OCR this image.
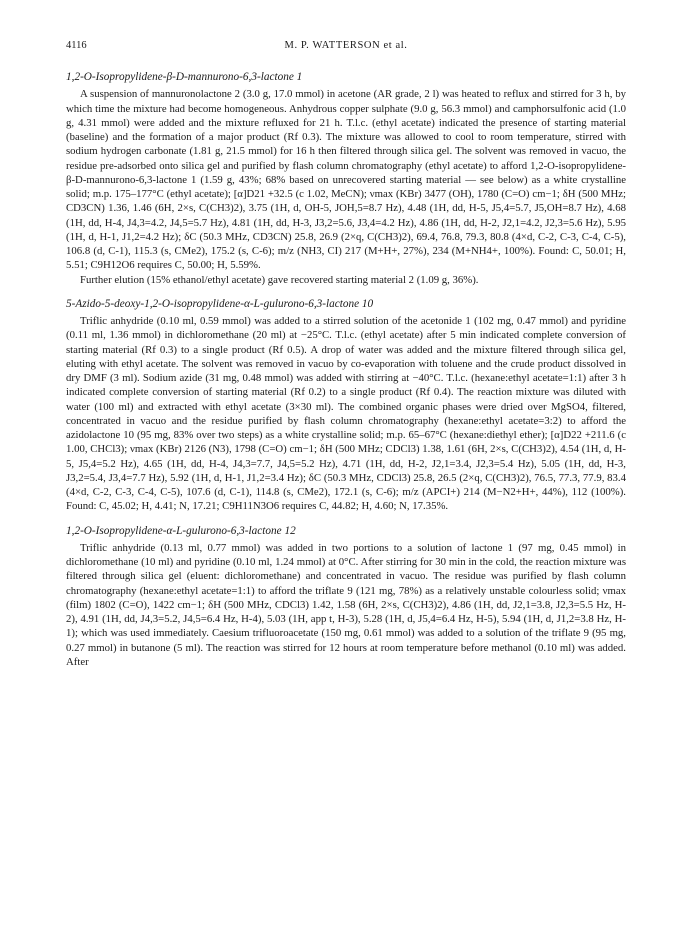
4116	M. P. WATTERSON et al.
1,2-O-Isopropylidene-β-D-mannurono-6,3-lactone 1

A suspension of mannuronolactone 2 (3.0 g, 17.0 mmol) in acetone (AR grade, 2 l) was heated to reflux and stirred for 3 h, by which time the mixture had become homogeneous. Anhydrous copper sulphate (9.0 g, 56.3 mmol) and camphorsulfonic acid (1.0 g, 4.31 mmol) were added and the mixture refluxed for 21 h. T.l.c. (ethyl acetate) indicated the presence of starting material (baseline) and the formation of a major product (Rf 0.3). The mixture was allowed to cool to room temperature, stirred with sodium hydrogen carbonate (1.81 g, 21.5 mmol) for 16 h then filtered through silica gel. The solvent was removed in vacuo, the residue pre-adsorbed onto silica gel and purified by flash column chromatography (ethyl acetate) to afford 1,2-O-isopropylidene-β-D-mannurono-6,3-lactone 1 (1.59 g, 43%; 68% based on unrecovered starting material — see below) as a white crystalline solid; m.p. 175–177°C (ethyl acetate); [α]D21 +32.5 (c 1.02, MeCN); νmax (KBr) 3477 (OH), 1780 (C=O) cm−1; δH (500 MHz; CD3CN) 1.36, 1.46 (6H, 2×s, C(CH3)2), 3.75 (1H, d, OH-5, JOH,5=8.7 Hz), 4.48 (1H, dd, H-5, J5,4=5.7, J5,OH=8.7 Hz), 4.68 (1H, dd, H-4, J4,3=4.2, J4,5=5.7 Hz), 4.81 (1H, dd, H-3, J3,2=5.6, J3,4=4.2 Hz), 4.86 (1H, dd, H-2, J2,1=4.2, J2,3=5.6 Hz), 5.95 (1H, d, H-1, J1,2=4.2 Hz); δC (50.3 MHz, CD3CN) 25.8, 26.9 (2×q, C(CH3)2), 69.4, 76.8, 79.3, 80.8 (4×d, C-2, C-3, C-4, C-5), 106.8 (d, C-1), 115.3 (s, CMe2), 175.2 (s, C-6); m/z (NH3, CI) 217 (M+H+, 27%), 234 (M+NH4+, 100%). Found: C, 50.01; H, 5.51; C9H12O6 requires C, 50.00; H, 5.59%.

Further elution (15% ethanol/ethyl acetate) gave recovered starting material 2 (1.09 g, 36%).

5-Azido-5-deoxy-1,2-O-isopropylidene-α-L-gulurono-6,3-lactone 10

Triflic anhydride (0.10 ml, 0.59 mmol) was added to a stirred solution of the acetonide 1 (102 mg, 0.47 mmol) and pyridine (0.11 ml, 1.36 mmol) in dichloromethane (20 ml) at −25°C. T.l.c. (ethyl acetate) after 5 min indicated complete conversion of starting material (Rf 0.3) to a single product (Rf 0.5). A drop of water was added and the mixture filtered through silica gel, eluting with ethyl acetate. The solvent was removed in vacuo by co-evaporation with toluene and the crude product dissolved in dry DMF (3 ml). Sodium azide (31 mg, 0.48 mmol) was added with stirring at −40°C. T.l.c. (hexane:ethyl acetate=1:1) after 3 h indicated complete conversion of starting material (Rf 0.2) to a single product (Rf 0.4). The reaction mixture was diluted with water (100 ml) and extracted with ethyl acetate (3×30 ml). The combined organic phases were dried over MgSO4, filtered, concentrated in vacuo and the residue purified by flash column chromatography (hexane:ethyl acetate=3:2) to afford the azidolactone 10 (95 mg, 83% over two steps) as a white crystalline solid; m.p. 65–67°C (hexane:diethyl ether); [α]D22 +211.6 (c 1.00, CHCl3); νmax (KBr) 2126 (N3), 1798 (C=O) cm−1; δH (500 MHz; CDCl3) 1.38, 1.61 (6H, 2×s, C(CH3)2), 4.54 (1H, d, H-5, J5,4=5.2 Hz), 4.65 (1H, dd, H-4, J4,3=7.7, J4,5=5.2 Hz), 4.71 (1H, dd, H-2, J2,1=3.4, J2,3=5.4 Hz), 5.05 (1H, dd, H-3, J3,2=5.4, J3,4=7.7 Hz), 5.92 (1H, d, H-1, J1,2=3.4 Hz); δC (50.3 MHz, CDCl3) 25.8, 26.5 (2×q, C(CH3)2), 76.5, 77.3, 77.9, 83.4 (4×d, C-2, C-3, C-4, C-5), 107.6 (d, C-1), 114.8 (s, CMe2), 172.1 (s, C-6); m/z (APCI+) 214 (M−N2+H+, 44%), 112 (100%). Found: C, 45.02; H, 4.41; N, 17.21; C9H11N3O6 requires C, 44.82; H, 4.60; N, 17.35%.

1,2-O-Isopropylidene-α-L-gulurono-6,3-lactone 12

Triflic anhydride (0.13 ml, 0.77 mmol) was added in two portions to a solution of lactone 1 (97 mg, 0.45 mmol) in dichloromethane (10 ml) and pyridine (0.10 ml, 1.24 mmol) at 0°C. After stirring for 30 min in the cold, the reaction mixture was filtered through silica gel (eluent: dichloromethane) and concentrated in vacuo. The residue was purified by flash column chromatography (hexane:ethyl acetate=1:1) to afford the triflate 9 (121 mg, 78%) as a relatively unstable colourless solid; νmax (film) 1802 (C=O), 1422 cm−1; δH (500 MHz, CDCl3) 1.42, 1.58 (6H, 2×s, C(CH3)2), 4.86 (1H, dd, J2,1=3.8, J2,3=5.5 Hz, H-2), 4.91 (1H, dd, J4,3=5.2, J4,5=6.4 Hz, H-4), 5.03 (1H, app t, H-3), 5.28 (1H, d, J5,4=6.4 Hz, H-5), 5.94 (1H, d, J1,2=3.8 Hz, H-1); which was used immediately. Caesium trifluoroacetate (150 mg, 0.61 mmol) was added to a solution of the triflate 9 (95 mg, 0.27 mmol) in butanone (5 ml). The reaction was stirred for 12 hours at room temperature before methanol (0.10 ml) was added. After
